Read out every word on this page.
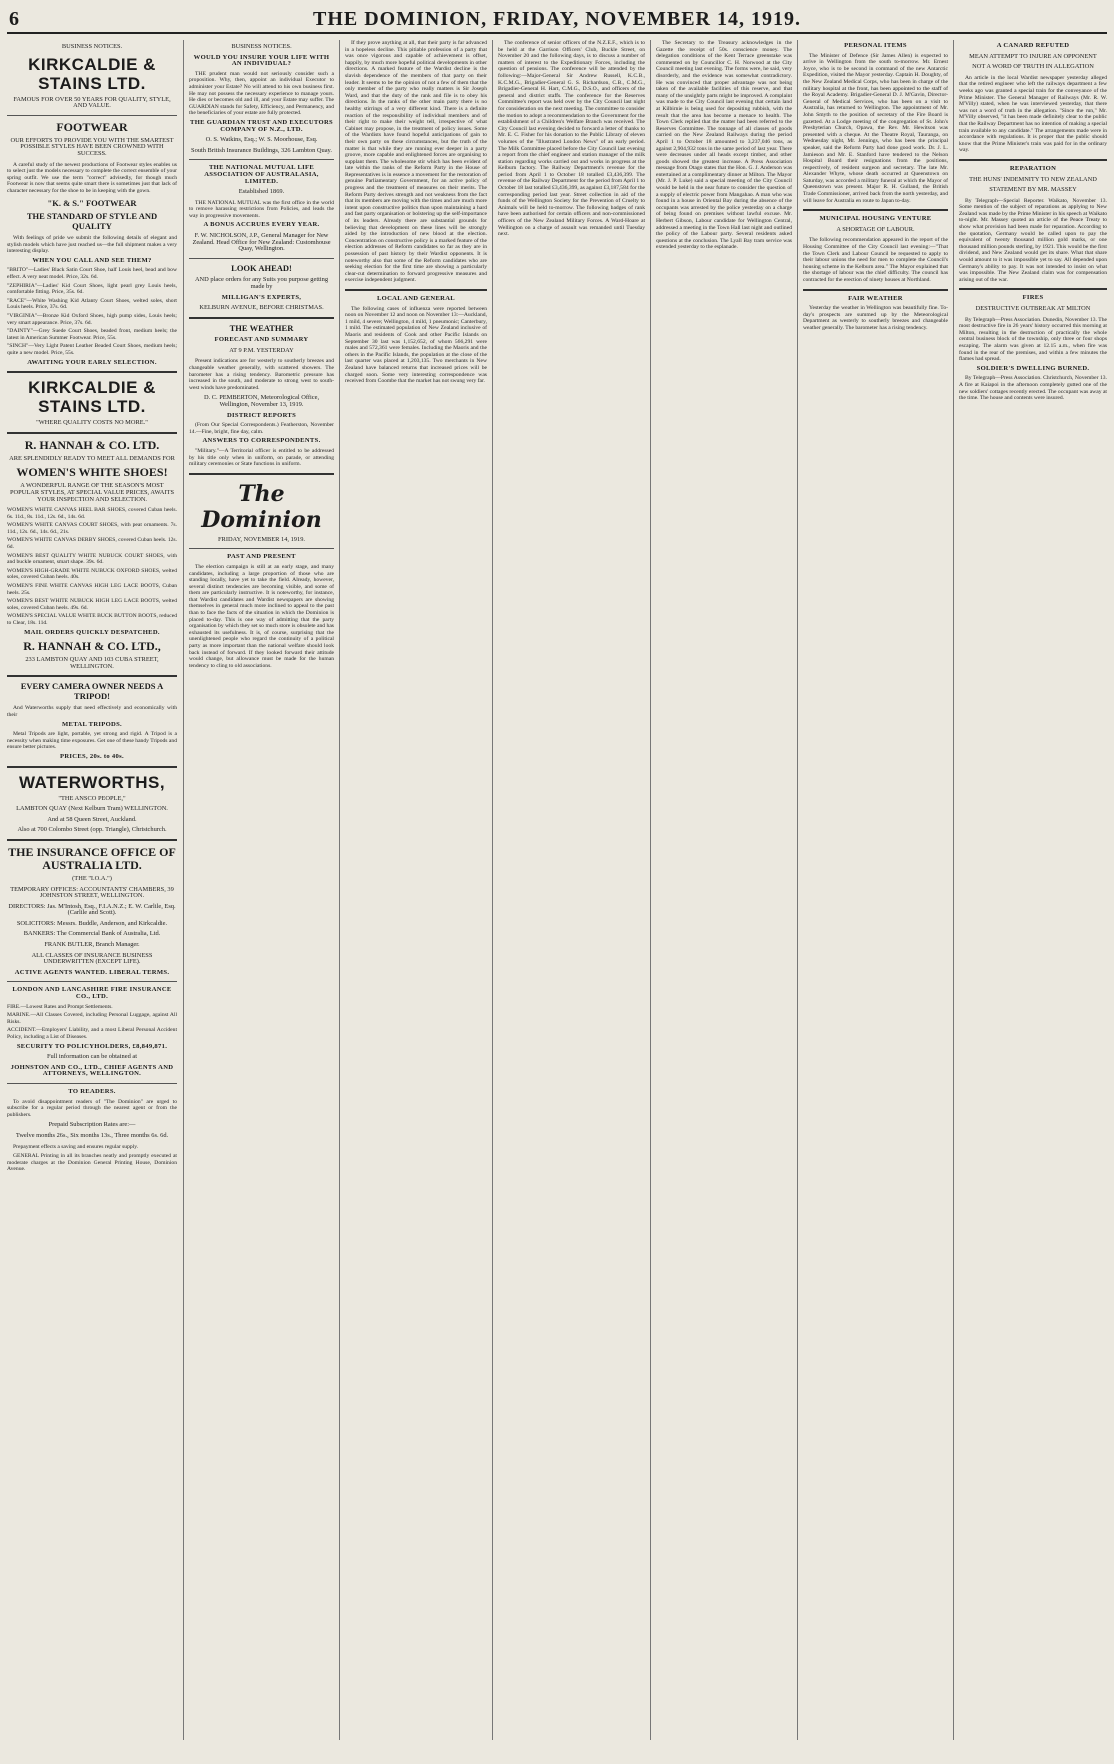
6	THE DOMINION, FRIDAY, NOVEMBER 14, 1919.
BUSINESS NOTICES.
KIRKCALDIE & STAINS LTD.
FAMOUS FOR OVER 50 YEARS FOR QUALITY, STYLE, AND VALUE.
FOOTWEAR
OUR EFFORTS TO PROVIDE YOU WITH THE SMARTEST POSSIBLE STYLES HAVE BEEN CROWNED WITH SUCCESS.

A careful study of the newest productions of Footwear styles enables us to select just the models necessary to complete the correct ensemble of your spring outfit. We use the term "correct" advisedly, for though much Footwear is now that seems quite smart there is sometimes just that lack of character necessary for the shoe to be in keeping with the gown.

"K. & S." FOOTWEAR
THE STANDARD OF STYLE AND QUALITY

With feelings of pride we submit the following details of elegant and stylish models which have just reached us—the full shipment makes a very interesting display.

WHEN YOU CALL AND SEE THEM?
"BRITO"—Ladies' Black Satin Court Shoe, half Louis heel, bead and bow effect. A very neat model. Price, 32s. 6d.
"ZEPHIRIA"—Ladies' Kid Court Shoes, light pearl grey Louis heels, comfortable fitting. Price, 35s. 6d.
"RACE"—White Washing Kid Atlanty Court Shoes, welted soles, short Louis heels. Price, 37s. 6d.
"VIRGINIA"—Bronze Kid Oxford Shoes, high pump sides, Louis heels; very smart appearance. Price, 37s. 6d.
"DAINTY"—Grey Suede Court Shoes, beaded front, medium heels; the latest in American Summer Footwear. Price, 55s.
"SINCH"—Very Light Patent Leather Beaded Court Shoes, medium heels; quite a new model. Price, 55s.
AWAITING YOUR EARLY SELECTION.
KIRKCALDIE & STAINS LTD.
"WHERE QUALITY COSTS NO MORE."
R. HANNAH & CO. LTD.
ARE SPLENDIDLY READY TO MEET ALL DEMANDS FOR
WOMEN'S WHITE SHOES!
A WONDERFUL RANGE OF THE SEASON'S MOST POPULAR STYLES, AT SPECIAL VALUE PRICES, AWAITS YOUR INSPECTION AND SELECTION.
WOMEN'S WHITE CANVAS HEEL BAR SHOES, covered Cuban heels. 6s. 11d., 8s. 11d., 12s. 6d., 14s. 6d.
WOMEN'S WHITE CANVAS COURT SHOES, with peat ornaments. 7s. 11d., 12s. 6d., 14s. 6d., 21s.
WOMEN'S WHITE CANVAS DERBY SHOES, covered Cuban heels. 12s. 6d.
WOMEN'S BEST QUALITY WHITE NUBUCK COURT SHOES, with and buckle ornament, smart shape. 39s. 6d.
WOMEN'S HIGH-GRADE WHITE NUBUCK OXFORD SHOES, welted soles, covered Cuban heels. 40s.
WOMEN'S FINE WHITE CANVAS HIGH LEG LACE BOOTS, Cuban heels. 25s.
WOMEN'S BEST WHITE NUBUCK HIGH LEG LACE BOOTS, welted soles, covered Cuban heels. 49s. 6d.
WOMEN'S SPECIAL VALUE WHITE BUCK BUTTON BOOTS, reduced to Clear, 18s. 11d.
MAIL ORDERS QUICKLY DESPATCHED.
R. HANNAH & CO. LTD.,
233 LAMBTON QUAY AND 103 CUBA STREET, WELLINGTON.
EVERY CAMERA OWNER NEEDS A TRIPOD!

And Waterworths supply that need effectively and economically with their

METAL TRIPODS.

Metal Tripods are light, portable, yet strong and rigid. A Tripod is a necessity when making time exposures. Get one of these handy Tripods and ensure better pictures.

PRICES, 20s. to 40s.
WATERWORTHS,
"THE ANSCO PEOPLE,"
LAMBTON QUAY (Next Kelburn Tram) WELLINGTON.
And at 58 Queen Street, Auckland.
Also at 700 Colombo Street (opp. Triangle), Christchurch.
THE INSURANCE OFFICE OF AUSTRALIA LTD.
(THE "I.O.A.")
TEMPORARY OFFICES: ACCOUNTANTS' CHAMBERS, 39 JOHNSTON STREET, WELLINGTON.
DIRECTORS: Jas. M'Intosh, Esq., F.I.A.N.Z.; E. W. Carlile, Esq. (Carlile and Scott).
SOLICITORS: Messrs. Buddle, Anderson, and Kirkcaldie.
BANKERS: The Commercial Bank of Australia, Ltd.
FRANK BUTLER, Branch Manager.
ALL CLASSES OF INSURANCE BUSINESS UNDERWRITTEN (EXCEPT LIFE).
ACTIVE AGENTS WANTED. LIBERAL TERMS.
LONDON AND LANCASHIRE FIRE INSURANCE CO., LTD.
FIRE.—Lowest Rates and Prompt Settlements.
MARINE.—All Classes Covered, including Personal Luggage, against All Risks.
ACCIDENT.—Employers' Liability, and a most Liberal Personal Accident Policy, including a List of Diseases.
SECURITY TO POLICYHOLDERS, £8,849,871.
Full information can be obtained at
JOHNSTON AND CO., LTD., CHIEF AGENTS AND ATTORNEYS, WELLINGTON.
TO READERS.

To avoid disappointment readers of "The Dominion" are urged to subscribe for a regular period through the nearest agent or from the publishers.

Prepaid Subscription Rates are:—
Twelve months 26s., Six months 13s., Three months 6s. 6d.

Prepayment effects a saving and ensures regular supply.

GENERAL Printing in all its branches neatly and promptly executed at moderate charges at the Dominion General Printing House, Dominion Avenue.

BUSINESS NOTICES.
WOULD YOU INSURE YOUR LIFE WITH AN INDIVIDUAL?

THE prudent man would not seriously consider such a proposition. Why, then, appoint an individual Executor to administer your Estate? No will attend to his own business first. He may not possess the necessary experience to manage yours. He dies or becomes old and ill, and your Estate may suffer. The GUARDIAN stands for Safety, Efficiency, and Permanency, and the beneficiaries of your estate are fully protected.

THE GUARDIAN TRUST AND EXECUTORS COMPANY OF N.Z., LTD.
O. S. Watkins, Esq.; W. S. Moorhouse, Esq.
South British Insurance Buildings, 326 Lambton Quay.
THE NATIONAL MUTUAL LIFE ASSOCIATION OF AUSTRALASIA, LIMITED.
Established 1869.

THE NATIONAL MUTUAL was the first office in the world to remove harassing restrictions from Policies, and leads the way in progressive movements.

A BONUS ACCRUES EVERY YEAR.
F. W. NICHOLSON, J.P., General Manager for New Zealand. Head Office for New Zealand: Customhouse Quay, Wellington.
LOOK AHEAD!
AND place orders for any Suits you purpose getting made by
MILLIGAN'S EXPERTS,
KELBURN AVENUE, BEFORE CHRISTMAS.
THE WEATHER
FORECAST AND SUMMARY
AT 9 P.M. YESTERDAY

Present indications are for westerly to southerly breezes and changeable weather generally, with scattered showers. The barometer has a rising tendency. Barometric pressure has increased in the south, and moderate to strong west to south-west winds have predominated.

D. C. PEMBERTON, Meteorological Office, Wellington, November 13, 1919.
DISTRICT REPORTS

(From Our Special Correspondents.) Featherston, November 14.—Fine, bright, fine day, calm.

ANSWERS TO CORRESPONDENTS.

"Military."—A Territorial officer is entitled to be addressed by his title only when in uniform, on parade, or attending military ceremonies or State functions in uniform.

The Dominion
FRIDAY, NOVEMBER 14, 1919.
PAST AND PRESENT

The election campaign is still at an early stage, and many candidates, including a large proportion of those who are standing locally, have yet to take the field. Already, however, several distinct tendencies are becoming visible, and some of them are particularly instructive. It is noteworthy, for instance, that Wardist candidates and Wardist newspapers are showing themselves in general much more inclined to appeal to the past than to face the facts of the situation in which the Dominion is placed to-day. This is one way of admitting that the party organisation by which they set so much store is obsolete and has exhausted its usefulness. It is, of course, surprising that the unenlightened people who regard the continuity of a political party as more important than the national welfare should look back instead of forward. If they looked forward their attitude would change, but allowance must be made for the human tendency to cling to old associations.

If they prove anything at all, that their party is far advanced in a hopeless decline. This pitiable profession of a party that was once vigorous and capable of achievement is offset, happily, by much more hopeful political developments in other directions. A marked feature of the Wardist decline is the slavish dependence of the members of that party on their leader. It seems to be the opinion of not a few of them that the only member of the party who really matters is Sir Joseph Ward, and that the duty of the rank and file is to obey his directions. In the ranks of the other main party there is no healthy stirrings of a very different kind. There is a definite reaction of the responsibility of individual members and of their right to make their weight tell, irrespective of what Cabinet may propose, in the treatment of policy issues. Some of the Wardists have found hopeful anticipations of gain to their own party on these circumstances, but the truth of the matter is that while they are running ever deeper in a party groove, more capable and enlightened forces are organising to supplant them. The wholesome stir which has been evident of late within the ranks of the Reform Party in the House of Representatives is in essence a movement for the restoration of genuine Parliamentary Government, for an active policy of progress and the treatment of measures on their merits. The Reform Party derives strength and not weakness from the fact that its members are moving with the times and are much more intent upon constructive politics than upon maintaining a hard and fast party organisation or bolstering up the self-importance of its leaders. Already there are substantial grounds for believing that development on these lines will be strongly aided by the introduction of new blood at the election. Concentration on constructive policy is a marked feature of the election addresses of Reform candidates so far as they are in possession of past history by their Wardist opponents. It is noteworthy also that some of the Reform candidates who are seeking election for the first time are showing a particularly clear-cut determination to forward progressive measures and exercise independent judgment.

LOCAL AND GENERAL

The following cases of influenza were reported between noon on November 12 and noon on November 13:—Auckland, 1 mild, 4 severe; Wellington, 4 mild, 1 pneumonic; Canterbury, 1 mild. The estimated population of New Zealand inclusive of Maoris and residents of Cook and other Pacific Islands on September 30 last was 1,152,652, of whom 566,291 were males and 572,361 were females. Including the Maoris and the others in the Pacific Islands, the population at the close of the last quarter was placed at 1,203,135. Two merchants in New Zealand have balanced returns that increased prices will be charged soon. Some very interesting correspondence was received from Coombe that the market has not swung very far.

The conference of senior officers of the N.Z.E.F., which is to be held at the Garrison Officers' Club, Buckle Street, on November 20 and the following days, is to discuss a number of matters of interest to the Expeditionary Forces, including the question of pensions. The conference will be attended by the following:—Major-General Sir Andrew Russell, K.C.B., K.C.M.G., Brigadier-General G. S. Richardson, C.B., C.M.G., Brigadier-General H. Hart, C.M.G., D.S.O., and officers of the general and district staffs. The conference for the Reserves Committee's report was held over by the City Council last night for consideration on the next meeting. The committee to consider the motion to adopt a recommendation to the Government for the establishment of a Children's Welfare Branch was received. The City Council last evening decided to forward a letter of thanks to Mr. E. C. Fisher for his donation to the Public Library of eleven volumes of the "Illustrated London News" of an early period. The Milk Committee placed before the City Council last evening a report from the chief engineer and station manager of the milk station regarding works carried out and works in progress at the Kelburn factory. The Railway Department's revenue for the period from April 1 to October 18 totalled £3,436,399. The revenue of the Railway Department for the period from April 1 to October 18 last totalled £3,436,399, as against £3,187,584 for the corresponding period last year. Street collection in aid of the funds of the Wellington Society for the Prevention of Cruelty to Animals will be held to-morrow. The following badges of rank have been authorised for certain officers and non-commissioned officers of the New Zealand Military Forces. A Ward-Hoare at Wellington on a charge of assault was remanded until Tuesday next.

The Secretary to the Treasury acknowledges in the Gazette the receipt of 50s. conscience money. The delegation conditions of the Kent Terrace greenstake was commented on by Councillor C. H. Norwood at the City Council meeting last evening. The forms were, he said, very disorderly, and the evidence was somewhat contradictory. He was convinced that proper advantage was not being taken of the available facilities of this reserve, and that many of the unsightly parts might be improved. A complaint was made to the City Council last evening that certain land at Kilbirnie is being used for depositing rubbish, with the result that the area has become a menace to health. The Town Clerk replied that the matter had been referred to the Reserves Committee. The tonnage of all classes of goods carried on the New Zealand Railways during the period April 1 to October 18 amounted to 3,237,046 tons, as against 2,904,932 tons in the same period of last year. There were decreases under all heads except timber, and other goods showed the greatest increase. A Press Association message from Otago states that the Hon. G. J. Anderson was entertained at a complimentary dinner at Milton. The Mayor (Mr. J. P. Luke) said a special meeting of the City Council would be held in the near future to consider the question of a supply of electric power from Mangahao. A man who was found in a house in Oriental Bay during the absence of the occupants was arrested by the police yesterday on a charge of being found on premises without lawful excuse. Mr. Herbert Gibson, Labour candidate for Wellington Central, addressed a meeting in the Town Hall last night and outlined the policy of the Labour party. Several residents asked questions at the conclusion. The Lyall Bay tram service was extended yesterday to the esplanade.

PERSONAL ITEMS

The Minister of Defence (Sir James Allen) is expected to arrive in Wellington from the south to-morrow. Mr. Ernest Joyce, who is to be second in command of the new Antarctic Expedition, visited the Mayor yesterday. Captain H. Doughty, of the New Zealand Medical Corps, who has been in charge of the military hospital at the front, has been appointed to the staff of the Royal Academy. Brigadier-General D. J. M'Gavin, Director-General of Medical Services, who has been on a visit to Australia, has returned to Wellington. The appointment of Mr. John Smyth to the position of secretary of the Fire Board is gazetted. At a Lodge meeting of the congregation of St. John's Presbyterian Church, Opawa, the Rev. Mr. Hewitson was presented with a cheque. At the Theatre Royal, Tauranga, on Wednesday night, Mr. Jennings, who has been the principal speaker, said the Reform Party had done good work. Dr. J. L. Jamieson and Mr. E. Stanford have tendered to the Nelson Hospital Board their resignations from the positions, respectively, of resident surgeon and secretary. The late Mr. Alexander Whyte, whose death occurred at Queenstown on Saturday, was accorded a military funeral at which the Mayor of Queenstown was present. Major R. H. Gulland, the British Trade Commissioner, arrived back from the north yesterday, and will leave for Australia en route to Japan to-day.

MUNICIPAL HOUSING VENTURE
A SHORTAGE OF LABOUR.

The following recommendation appeared in the report of the Housing Committee of the City Council last evening:—"That the Town Clerk and Labour Council be requested to apply to their labour unions the need for men to complete the Council's housing scheme in the Kelburn area." The Mayor explained that the shortage of labour was the chief difficulty. The council has contracted for the erection of ninety houses at Northland.

FAIR WEATHER

Yesterday the weather in Wellington was beautifully fine. To-day's prospects are summed up by the Meteorological Department as westerly to southerly breezes and changeable weather generally. The barometer has a rising tendency.

A CANARD REFUTED
MEAN ATTEMPT TO INJURE AN OPPONENT
NOT A WORD OF TRUTH IN ALLEGATION

An article in the local Wardist newspaper yesterday alleged that the retired engineer who left the railways department a few weeks ago was granted a special train for the conveyance of the Prime Minister. The General Manager of Railways (Mr. R. W. M'Villy) stated, when he was interviewed yesterday, that there was not a word of truth in the allegation. "Since the run," Mr. M'Villy observed, "it has been made definitely clear to the public that the Railway Department has no intention of making a special train available to any candidate." The arrangements made were in accordance with regulations. It is proper that the public should know that the Prime Minister's train was paid for in the ordinary way.

REPARATION
THE HUNS' INDEMNITY TO NEW ZEALAND
STATEMENT BY MR. MASSEY

By Telegraph—Special Reporter. Waikato, November 13. Some mention of the subject of reparations as applying to New Zealand was made by the Prime Minister in his speech at Waikato to-night. Mr. Massey quoted an article of the Peace Treaty to show what provision had been made for reparation. According to the quotation, Germany would be called upon to pay the equivalent of twenty thousand million gold marks, or one thousand million pounds sterling, by 1921. This would be the first dividend, and New Zealand would get its share. What that share would amount to it was impossible yet to say. All depended upon Germany's ability to pay. It was not intended to insist on what was impossible. The New Zealand claim was for compensation arising out of the war.

FIRES
DESTRUCTIVE OUTBREAK AT MILTON

By Telegraph—Press Association. Dunedin, November 13. The most destructive fire in 26 years' history occurred this morning at Milton, resulting in the destruction of practically the whole central business block of the township, only three or four shops escaping. The alarm was given at 12.15 a.m., when fire was found in the rear of the premises, and within a few minutes the flames had spread.

SOLDIER'S DWELLING BURNED.

By Telegraph—Press Association. Christchurch, November 13. A fire at Kaiapoi in the afternoon completely gutted one of the new soldiers' cottages recently erected. The occupant was away at the time. The house and contents were insured.
